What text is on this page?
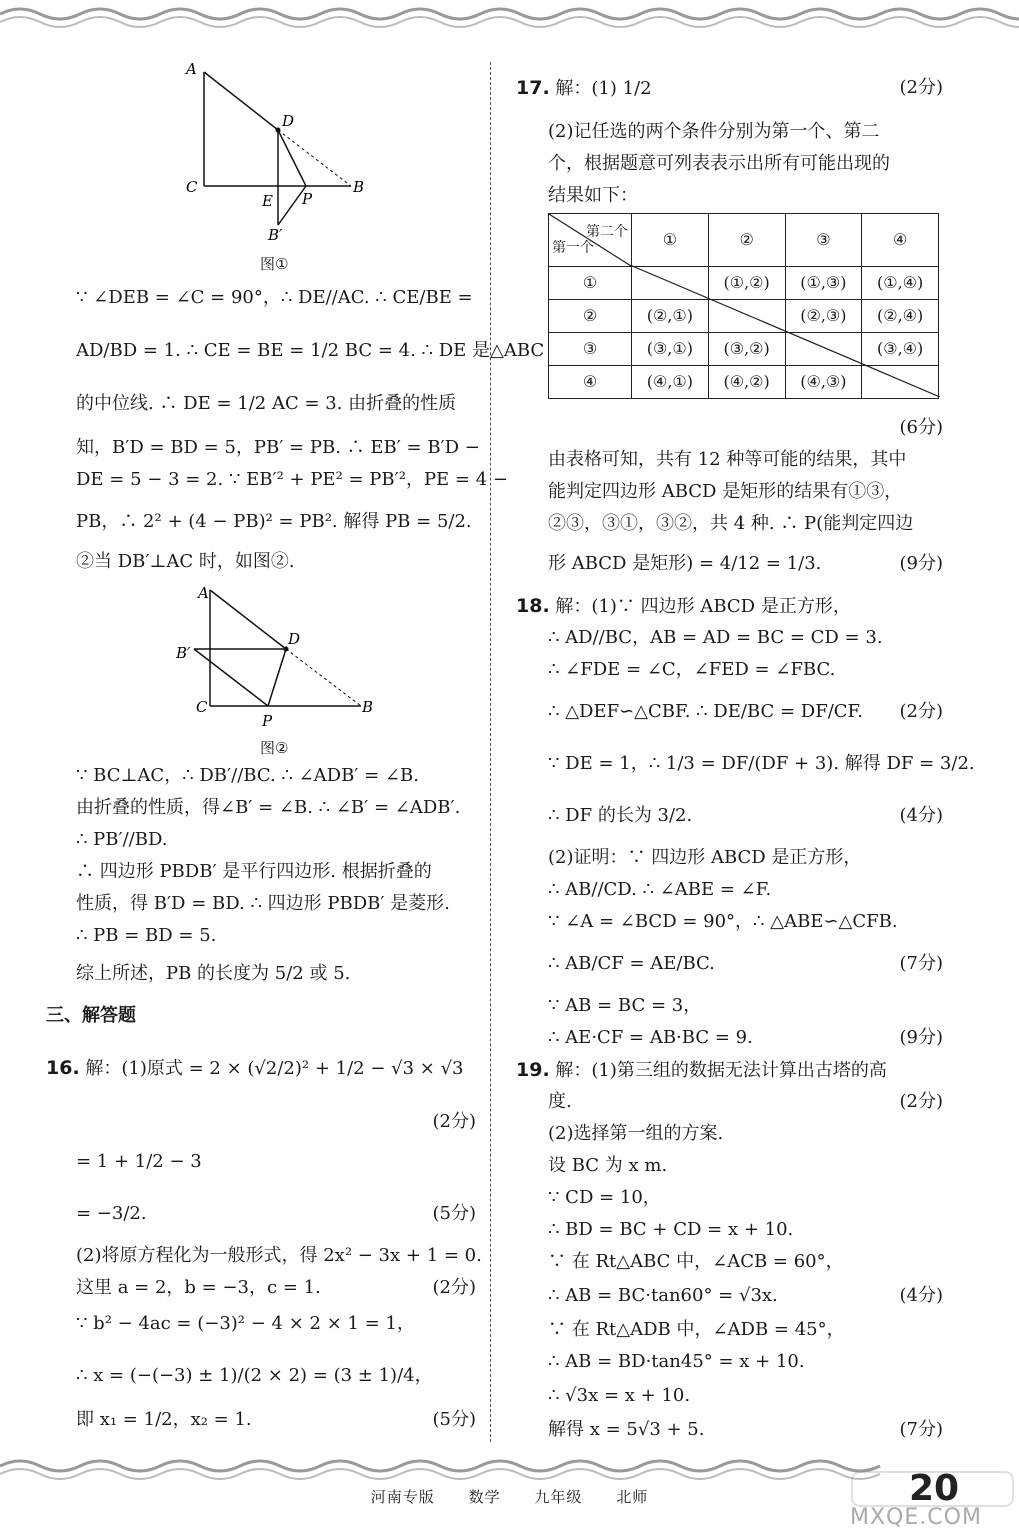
A
D
C
E P
B
B′
图①
∵ ∠DEB = ∠C = 90°，∴ DE//AC. ∴ CE/BE =
AD/BD = 1. ∴ CE = BE = 1/2 BC = 4. ∴ DE 是△ABC
的中位线. ∴ DE = 1/2 AC = 3. 由折叠的性质
知，B′D = BD = 5，PB′ = PB. ∴ EB′ = B′D −
DE = 5 − 3 = 2. ∵ EB′² + PE² = PB′²，PE = 4 −
PB，∴ 2² + (4 − PB)² = PB². 解得 PB = 5/2.
②当 DB′⊥AC 时，如图②.
A
B′
D
C
P
B
图②
∵ BC⊥AC，∴ DB′//BC. ∴ ∠ADB′ = ∠B.
由折叠的性质，得∠B′ = ∠B. ∴ ∠B′ = ∠ADB′.
∴ PB′//BD.
∴ 四边形 PBDB′ 是平行四边形. 根据折叠的
性质，得 B′D = BD. ∴ 四边形 PBDB′ 是菱形.
∴ PB = BD = 5.
综上所述，PB 的长度为 5/2 或 5.
三、解答题
16. 解：(1)原式 = 2 × (√2/2)² + 1/2 − √3 × √3
(2分)
= 1 + 1/2 − 3
= −3/2.	(5分)
(2)将原方程化为一般形式，得 2x² − 3x + 1 = 0.
这里 a = 2，b = −3，c = 1.	(2分)
∵ b² − 4ac = (−3)² − 4 × 2 × 1 = 1，
∴ x = (−(−3) ± 1)/(2 × 2) = (3 ± 1)/4，
即 x₁ = 1/2，x₂ = 1.	(5分)
17. 解：(1) 1/2	(2分)
(2)记任选的两个条件分别为第一个、第二
个，根据题意可列表表示出所有可能出现的
结果如下：
第二个
第一个	①	②	③	④
①		(①,②)	(①,③)	(①,④)
②	(②,①)		(②,③)	(②,④)
③	(③,①)	(③,②)		(③,④)
④	(④,①)	(④,②)	(④,③)	
(6分)
由表格可知，共有 12 种等可能的结果，其中
能判定四边形 ABCD 是矩形的结果有①③，
②③，③①，③②，共 4 种. ∴ P(能判定四边
形 ABCD 是矩形) = 4/12 = 1/3.	(9分)
18. 解：(1)∵ 四边形 ABCD 是正方形，
∴ AD//BC，AB = AD = BC = CD = 3.
∴ ∠FDE = ∠C，∠FED = ∠FBC.
∴ △DEF∽△CBF. ∴ DE/BC = DF/CF. (2分)
∵ DE = 1，∴ 1/3 = DF/(DF + 3). 解得 DF = 3/2.
∴ DF 的长为 3/2.	(4分)
(2)证明：∵ 四边形 ABCD 是正方形，
∴ AB//CD. ∴ ∠ABE = ∠F.
∵ ∠A = ∠BCD = 90°，∴ △ABE∽△CFB.
∴ AB/CF = AE/BC.	(7分)
∵ AB = BC = 3，
∴ AE·CF = AB·BC = 9.	(9分)
19. 解：(1)第三组的数据无法计算出古塔的高
度.	(2分)
(2)选择第一组的方案.
设 BC 为 x m.
∵ CD = 10，
∴ BD = BC + CD = x + 10.
∵ 在 Rt△ABC 中，∠ACB = 60°，
∴ AB = BC·tan60° = √3x.	(4分)
∵ 在 Rt△ADB 中，∠ADB = 45°，
∴ AB = BD·tan45° = x + 10.
∴ √3x = x + 10.
解得 x = 5√3 + 5.	(7分)
河南专版 数学 九年级 北师	20
MXQE.COM
